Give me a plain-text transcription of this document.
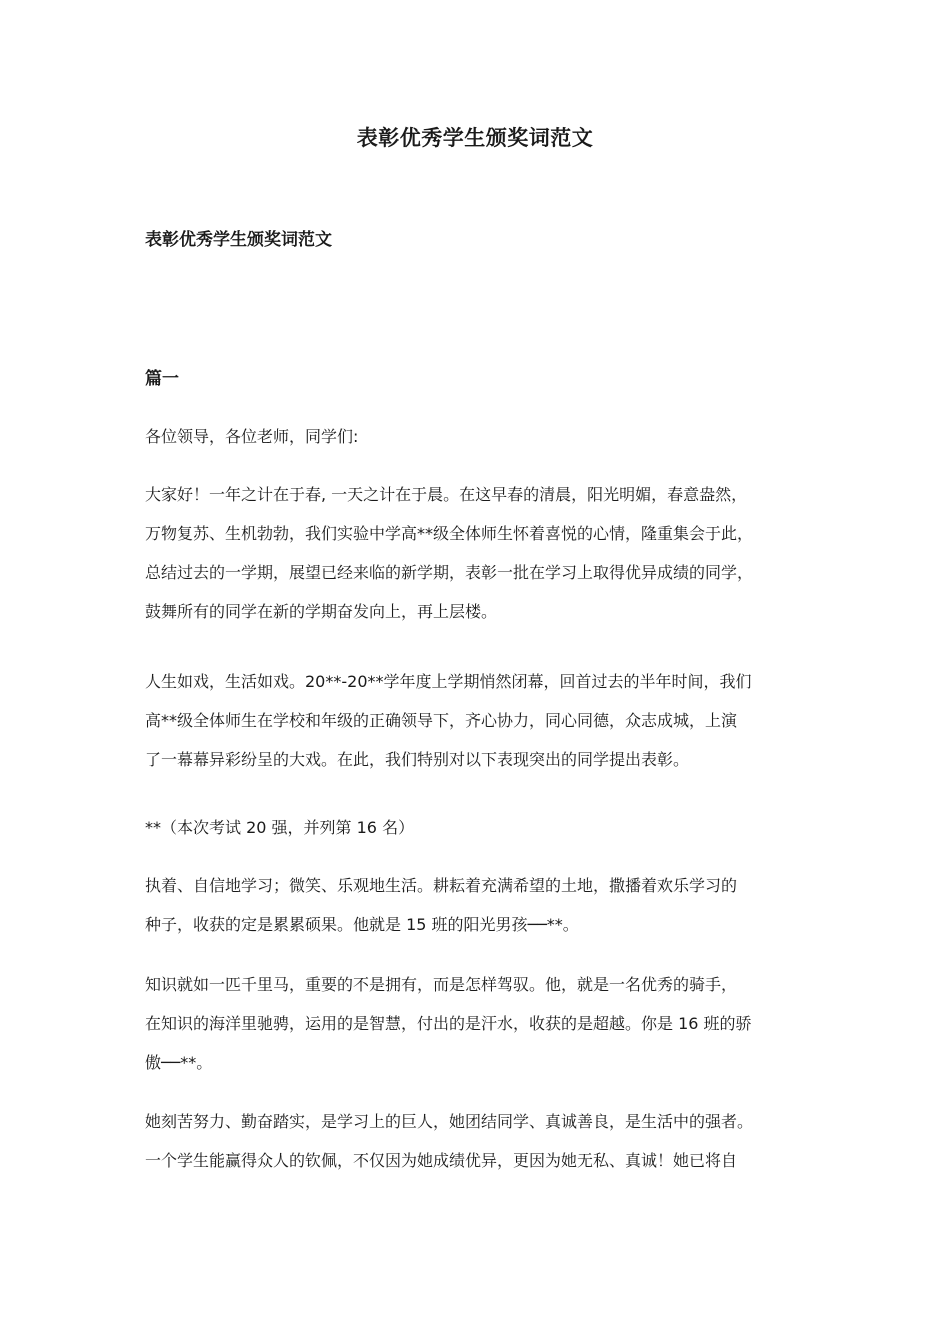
表彰优秀学生颁奖词范文
表彰优秀学生颁奖词范文
篇一

各位领导，各位老师，同学们:

大家好！一年之计在于春, 一天之计在于晨。在这早春的清晨，阳光明媚，春意盎然，
万物复苏、生机勃勃，我们实验中学高**级全体师生怀着喜悦的心情，隆重集会于此，
总结过去的一学期，展望已经来临的新学期，表彰一批在学习上取得优异成绩的同学，
鼓舞所有的同学在新的学期奋发向上，再上层楼。

人生如戏，生活如戏。20**-20**学年度上学期悄然闭幕，回首过去的半年时间，我们
高**级全体师生在学校和年级的正确领导下，齐心协力，同心同德，众志成城，上演
了一幕幕异彩纷呈的大戏。在此，我们特别对以下表现突出的同学提出表彰。

**（本次考试 20 强，并列第 16 名）

执着、自信地学习；微笑、乐观地生活。耕耘着充满希望的土地，撒播着欢乐学习的
种子，收获的定是累累硕果。他就是 15 班的阳光男孩──**。

知识就如一匹千里马，重要的不是拥有，而是怎样驾驭。他，就是一名优秀的骑手，
在知识的海洋里驰骋，运用的是智慧，付出的是汗水，收获的是超越。你是 16 班的骄
傲──**。

她刻苦努力、勤奋踏实，是学习上的巨人，她团结同学、真诚善良，是生活中的强者。
一个学生能赢得众人的钦佩，不仅因为她成绩优异，更因为她无私、真诚！她已将自
